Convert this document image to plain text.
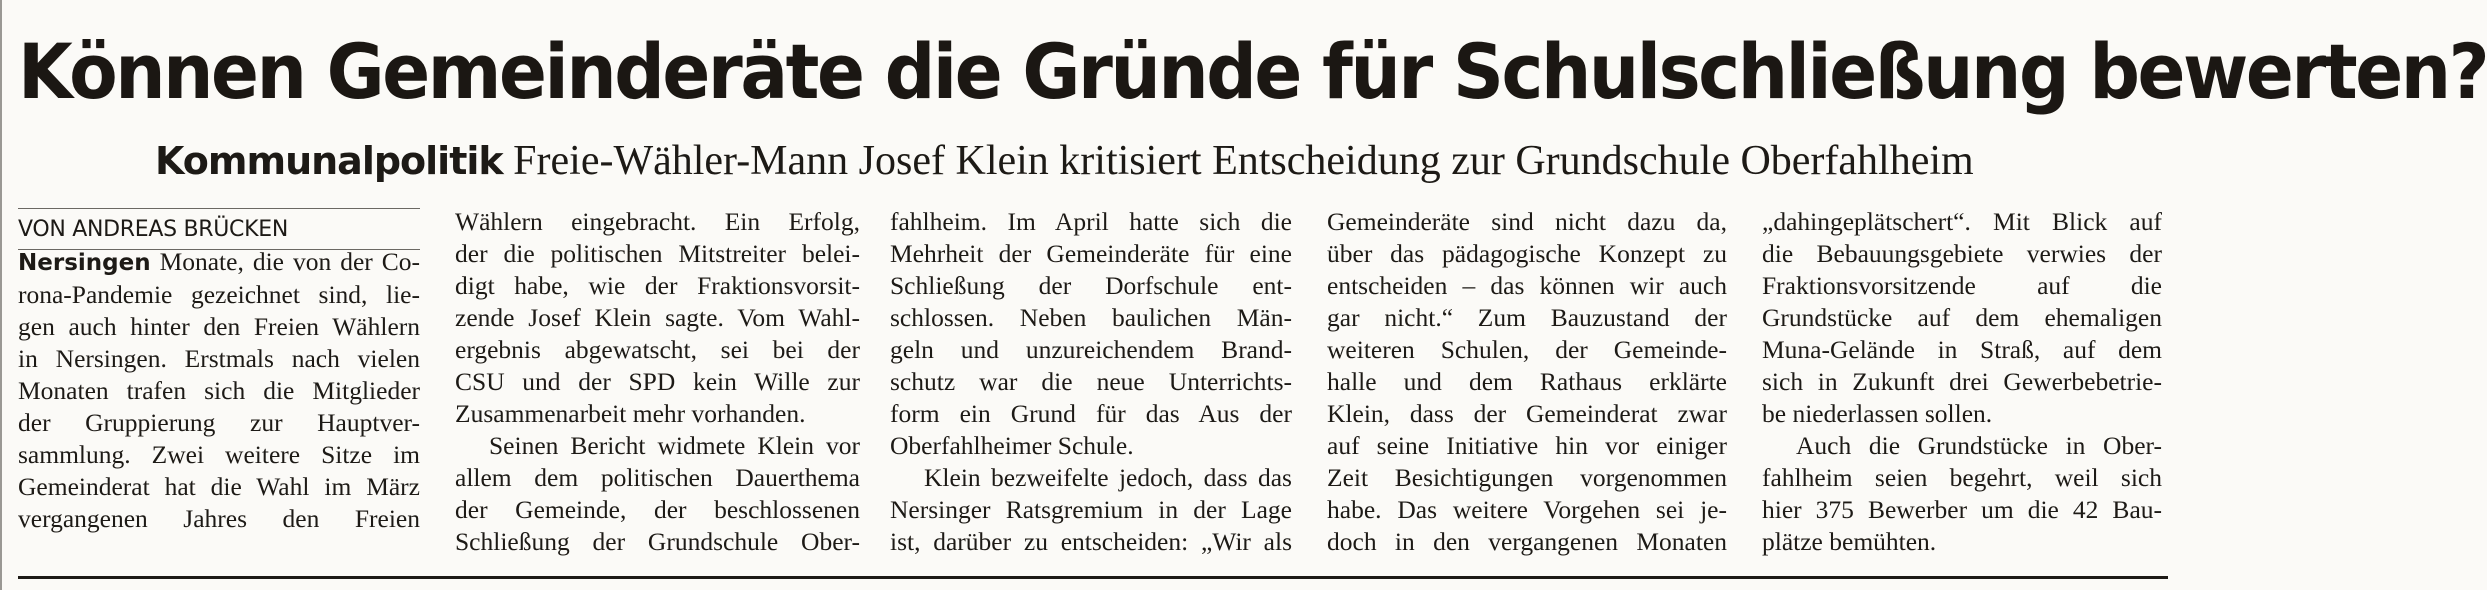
Können Gemeinderäte die Gründe für Schulschließung bewerten?
Kommunalpolitik Freie-Wähler-Mann Josef Klein kritisiert Entscheidung zur Grundschule Oberfahlheim
VON ANDREAS BRÜCKEN
Nersingen Monate, die von der Co-
rona-Pandemie gezeichnet sind, lie-
gen auch hinter den Freien Wählern
in Nersingen. Erstmals nach vielen
Monaten trafen sich die Mitglieder
der Gruppierung zur Hauptver-
sammlung. Zwei weitere Sitze im
Gemeinderat hat die Wahl im März
vergangenen Jahres den Freien
Wählern eingebracht. Ein Erfolg,
der die politischen Mitstreiter belei-
digt habe, wie der Fraktionsvorsit-
zende Josef Klein sagte. Vom Wahl-
ergebnis abgewatscht, sei bei der
CSU und der SPD kein Wille zur
Zusammenarbeit mehr vorhanden.
Seinen Bericht widmete Klein vor
allem dem politischen Dauerthema
der Gemeinde, der beschlossenen
Schließung der Grundschule Ober-
fahlheim. Im April hatte sich die
Mehrheit der Gemeinderäte für eine
Schließung der Dorfschule ent-
schlossen. Neben baulichen Män-
geln und unzureichendem Brand-
schutz war die neue Unterrichts-
form ein Grund für das Aus der
Oberfahlheimer Schule.
Klein bezweifelte jedoch, dass das
Nersinger Ratsgremium in der Lage
ist, darüber zu entscheiden: „Wir als
Gemeinderäte sind nicht dazu da,
über das pädagogische Konzept zu
entscheiden – das können wir auch
gar nicht.“ Zum Bauzustand der
weiteren Schulen, der Gemeinde-
halle und dem Rathaus erklärte
Klein, dass der Gemeinderat zwar
auf seine Initiative hin vor einiger
Zeit Besichtigungen vorgenommen
habe. Das weitere Vorgehen sei je-
doch in den vergangenen Monaten
„dahingeplätschert“. Mit Blick auf
die Bebauungsgebiete verwies der
Fraktionsvorsitzende auf die
Grundstücke auf dem ehemaligen
Muna-Gelände in Straß, auf dem
sich in Zukunft drei Gewerbebetrie-
be niederlassen sollen.
Auch die Grundstücke in Ober-
fahlheim seien begehrt, weil sich
hier 375 Bewerber um die 42 Bau-
plätze bemühten.
